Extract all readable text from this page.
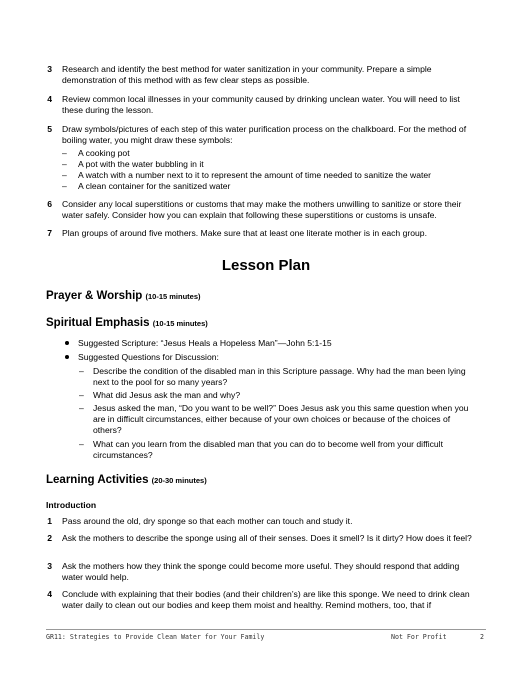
3 Research and identify the best method for water sanitization in your community. Prepare a simple demonstration of this method with as few clear steps as possible.
4 Review common local illnesses in your community caused by drinking unclean water. You will need to list these during the lesson.
5 Draw symbols/pictures of each step of this water purification process on the chalkboard. For the method of boiling water, you might draw these symbols:
– A cooking pot
– A pot with the water bubbling in it
– A watch with a number next to it to represent the amount of time needed to sanitize the water
– A clean container for the sanitized water
6 Consider any local superstitions or customs that may make the mothers unwilling to sanitize or store their water safely. Consider how you can explain that following these superstitions or customs is unsafe.
7 Plan groups of around five mothers. Make sure that at least one literate mother is in each group.
Lesson Plan
Prayer & Worship (10-15 minutes)
Spiritual Emphasis (10-15 minutes)
Suggested Scripture: “Jesus Heals a Hopeless Man”—John 5:1-15
Suggested Questions for Discussion:
– Describe the condition of the disabled man in this Scripture passage. Why had the man been lying next to the pool for so many years?
– What did Jesus ask the man and why?
– Jesus asked the man, “Do you want to be well?” Does Jesus ask you this same question when you are in difficult circumstances, either because of your own choices or because of the choices of others?
– What can you learn from the disabled man that you can do to become well from your difficult circumstances?
Learning Activities (20-30 minutes)
Introduction
1 Pass around the old, dry sponge so that each mother can touch and study it.
2 Ask the mothers to describe the sponge using all of their senses. Does it smell? Is it dirty? How does it feel?
3 Ask the mothers how they think the sponge could become more useful. They should respond that adding water would help.
4 Conclude with explaining that their bodies (and their children’s) are like this sponge. We need to drink clean water daily to clean out our bodies and keep them moist and healthy. Remind mothers, too, that if
GR11: Strategies to Provide Clean Water for Your Family	Not For Profit	2
